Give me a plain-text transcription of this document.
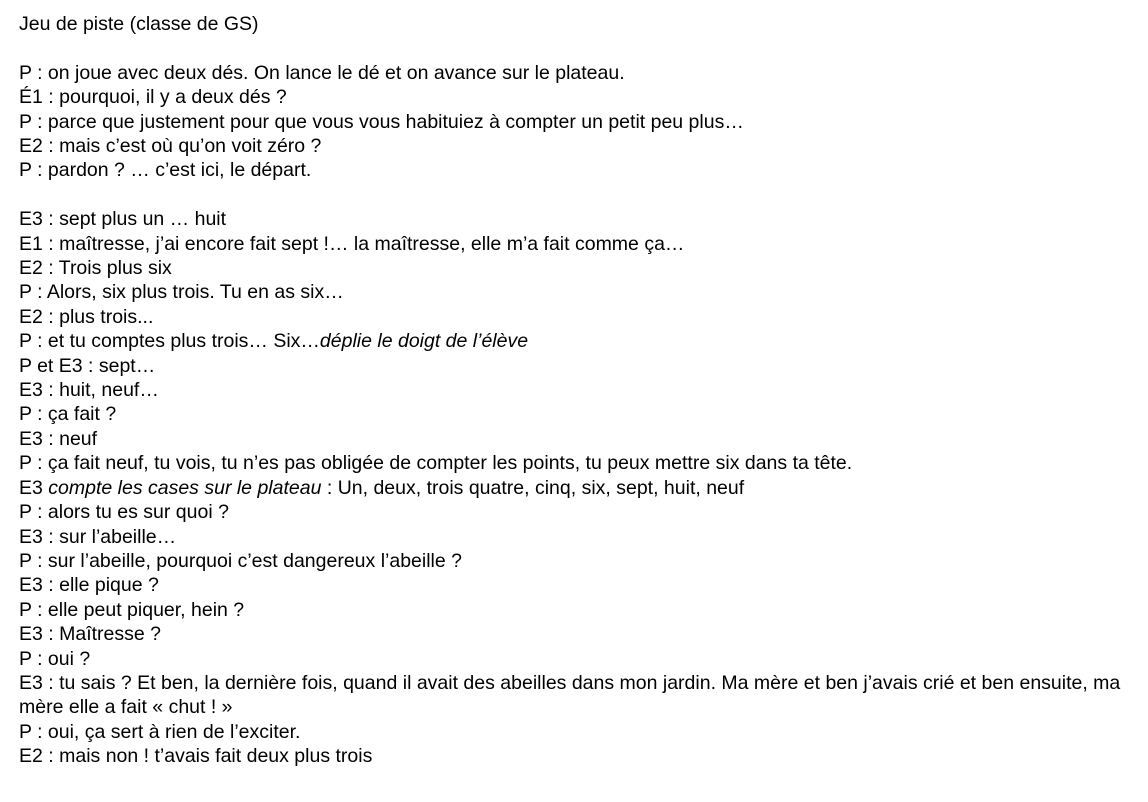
Jeu de piste (classe de GS)
P : on joue avec deux dés. On lance le dé et on avance sur le plateau.
É1 : pourquoi, il y a deux dés ?
P : parce que justement pour que vous vous habituiez à compter un petit peu plus…
E2 : mais c’est où qu’on voit zéro ?
P : pardon ? … c’est ici, le départ.
E3 : sept plus un … huit
E1 : maîtresse, j’ai encore fait sept !… la maîtresse, elle m’a fait comme ça…
E2 : Trois plus six
P : Alors, six plus trois. Tu en as six…
E2 : plus trois...
P : et tu comptes plus trois… Six…déplie le doigt de l’élève
P et E3 : sept…
E3 : huit, neuf…
P : ça fait ?
E3 : neuf
P : ça fait neuf, tu vois, tu n’es pas obligée de compter les points, tu peux mettre six dans ta tête.
E3 compte les cases sur le plateau : Un, deux, trois quatre, cinq, six, sept, huit, neuf
P : alors tu es sur quoi ?
E3 : sur l’abeille…
P : sur l’abeille, pourquoi c’est dangereux l’abeille ?
E3 : elle pique ?
P : elle peut piquer, hein ?
E3 : Maîtresse ?
P : oui ?
E3 : tu sais ? Et ben, la dernière fois, quand il avait des abeilles dans mon jardin. Ma mère et ben j’avais crié et ben ensuite, ma mère elle a fait « chut ! »
P : oui, ça sert à rien de l’exciter.
E2 : mais non ! t’avais fait deux plus trois
